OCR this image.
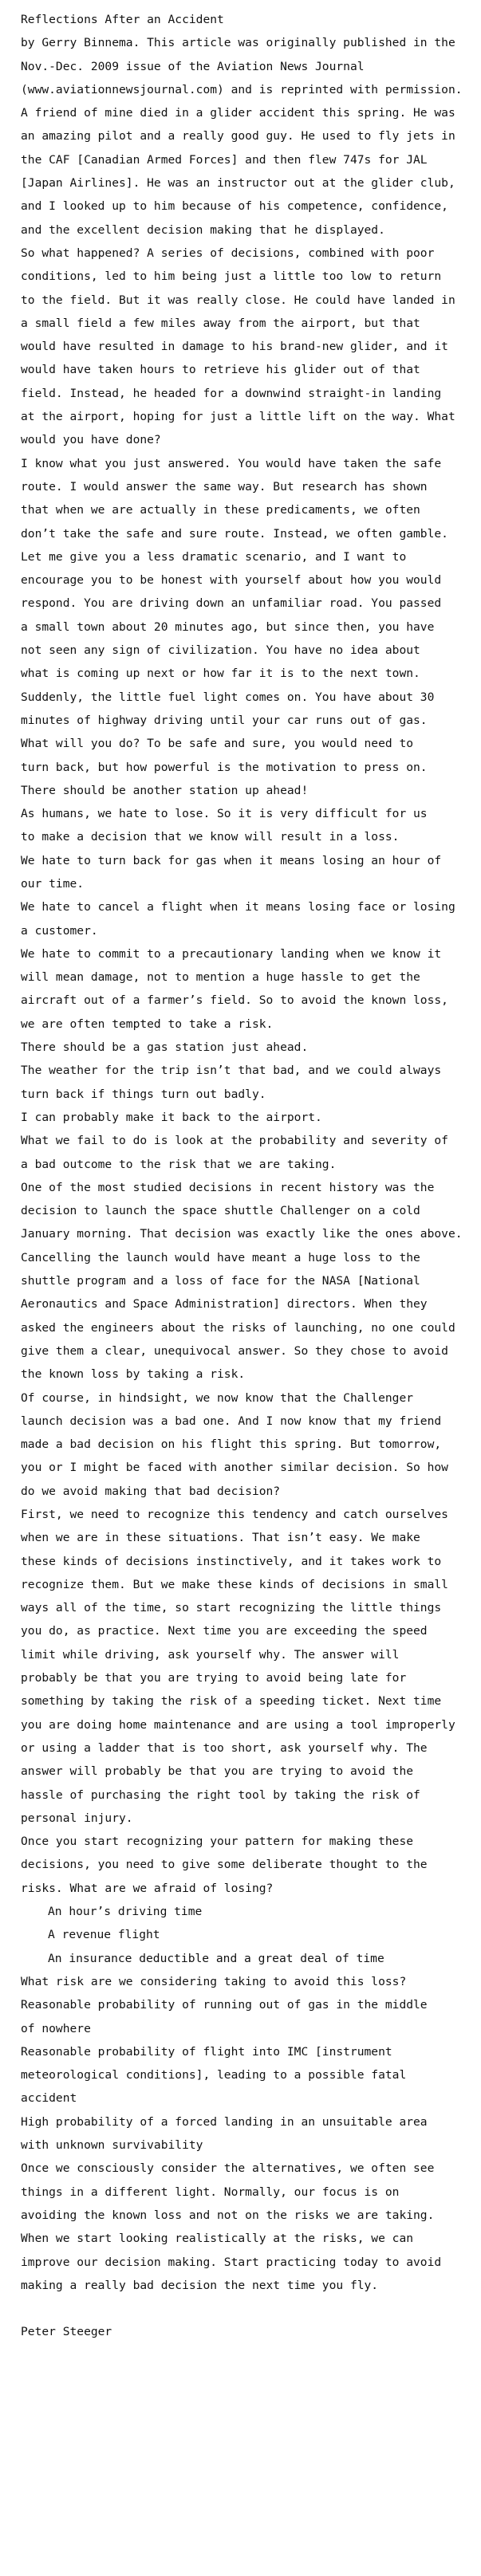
Reflections After an Accident
by Gerry Binnema. This article was originally published in the
Nov.-Dec. 2009 issue of the Aviation News Journal
(www.aviationnewsjournal.com) and is reprinted with permission.
A friend of mine died in a glider accident this spring. He was
an amazing pilot and a really good guy. He used to fly jets in
the CAF [Canadian Armed Forces] and then flew 747s for JAL
[Japan Airlines]. He was an instructor out at the glider club,
and I looked up to him because of his competence, confidence,
and the excellent decision making that he displayed.
So what happened? A series of decisions, combined with poor
conditions, led to him being just a little too low to return
to the field. But it was really close. He could have landed in
a small field a few miles away from the airport, but that
would have resulted in damage to his brand-new glider, and it
would have taken hours to retrieve his glider out of that
field. Instead, he headed for a downwind straight-in landing
at the airport, hoping for just a little lift on the way. What
would you have done?
I know what you just answered. You would have taken the safe
route. I would answer the same way. But research has shown
that when we are actually in these predicaments, we often
don’t take the safe and sure route. Instead, we often gamble.
Let me give you a less dramatic scenario, and I want to
encourage you to be honest with yourself about how you would
respond. You are driving down an unfamiliar road. You passed
a small town about 20 minutes ago, but since then, you have
not seen any sign of civilization. You have no idea about
what is coming up next or how far it is to the next town.
Suddenly, the little fuel light comes on. You have about 30
minutes of highway driving until your car runs out of gas.
What will you do? To be safe and sure, you would need to
turn back, but how powerful is the motivation to press on.
There should be another station up ahead!
As humans, we hate to lose. So it is very difficult for us
to make a decision that we know will result in a loss.
We hate to turn back for gas when it means losing an hour of
our time.
We hate to cancel a flight when it means losing face or losing
a customer.
We hate to commit to a precautionary landing when we know it
will mean damage, not to mention a huge hassle to get the
aircraft out of a farmer’s field. So to avoid the known loss,
we are often tempted to take a risk.
There should be a gas station just ahead.
The weather for the trip isn’t that bad, and we could always
turn back if things turn out badly.
I can probably make it back to the airport.
What we fail to do is look at the probability and severity of
a bad outcome to the risk that we are taking.
One of the most studied decisions in recent history was the
decision to launch the space shuttle Challenger on a cold
January morning. That decision was exactly like the ones above.
Cancelling the launch would have meant a huge loss to the
shuttle program and a loss of face for the NASA [National
Aeronautics and Space Administration] directors. When they
asked the engineers about the risks of launching, no one could
give them a clear, unequivocal answer. So they chose to avoid
the known loss by taking a risk.
Of course, in hindsight, we now know that the Challenger
launch decision was a bad one. And I now know that my friend
made a bad decision on his flight this spring. But tomorrow,
you or I might be faced with another similar decision. So how
do we avoid making that bad decision?
First, we need to recognize this tendency and catch ourselves
when we are in these situations. That isn’t easy. We make
these kinds of decisions instinctively, and it takes work to
recognize them. But we make these kinds of decisions in small
ways all of the time, so start recognizing the little things
you do, as practice. Next time you are exceeding the speed
limit while driving, ask yourself why. The answer will
probably be that you are trying to avoid being late for
something by taking the risk of a speeding ticket. Next time
you are doing home maintenance and are using a tool improperly
or using a ladder that is too short, ask yourself why. The
answer will probably be that you are trying to avoid the
hassle of purchasing the right tool by taking the risk of
personal injury.
Once you start recognizing your pattern for making these
decisions, you need to give some deliberate thought to the
risks. What are we afraid of losing?
An hour’s driving time
A revenue flight
An insurance deductible and a great deal of time
What risk are we considering taking to avoid this loss?
Reasonable probability of running out of gas in the middle
of nowhere
Reasonable probability of flight into IMC [instrument
meteorological conditions], leading to a possible fatal
accident
High probability of a forced landing in an unsuitable area
with unknown survivability
Once we consciously consider the alternatives, we often see
things in a different light. Normally, our focus is on
avoiding the known loss and not on the risks we are taking.
When we start looking realistically at the risks, we can
improve our decision making. Start practicing today to avoid
making a really bad decision the next time you fly.
Peter Steeger
